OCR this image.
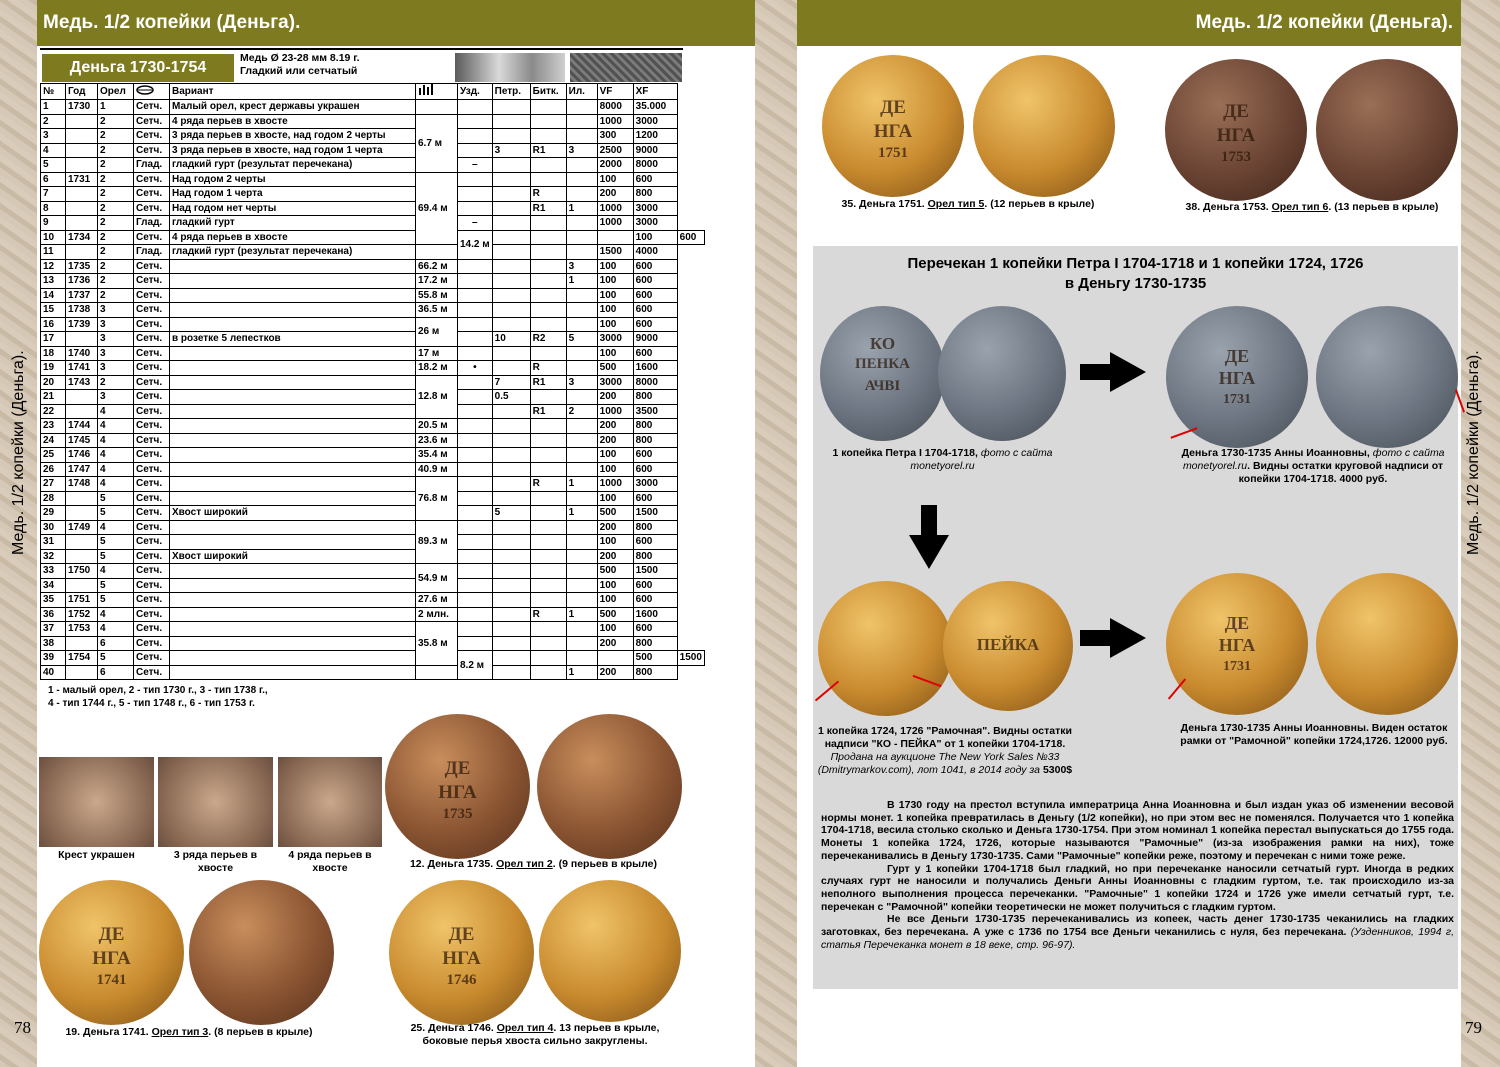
Медь. 1/2 копейки (Деньга).	Медь. 1/2 копейки (Деньга).
Медь. 1/2 копейки (Деньга).	Медь. 1/2 копейки (Деньга).
78	79
Деньга 1730-1754
Медь Ø 23-28 мм 8.19 г.
Гладкий или сетчатый
№	Год	Орел		Вариант		Узд.	Петр.	Битк.	Ил.	VF	XF	
1	1730	1	Сетч.	Малый орел, крест державы украшен						8000	35.000	
2		2	Сетч.	4 ряда перьев в хвосте	6.7 м					1000	3000	
3		2	Сетч.	3 ряда перьев в хвосте, над годом 2 черты						300	1200	
4		2	Сетч.	3 ряда перьев в хвосте, над годом 1 черта			3	R1	3	2500	9000	
5		2	Глад.	гладкий гурт (результат перечекана)		–				2000	8000	
6	1731	2	Сетч.	Над годом 2 черты	69.4 м					100	600	
7		2	Сетч.	Над годом 1 черта				R		200	800	
8		2	Сетч.	Над годом нет черты				R1	1	1000	3000	
9		2	Глад.	гладкий гурт		–				1000	3000	
10	1734	2	Сетч.	4 ряда перьев в хвосте		14.2 м					100	600
11		2	Глад.	гладкий гурт (результат перечекана)						1500	4000	
12	1735	2	Сетч.		66.2 м				3	100	600	
13	1736	2	Сетч.		17.2 м				1	100	600	
14	1737	2	Сетч.		55.8 м					100	600	
15	1738	3	Сетч.		36.5 м					100	600	
16	1739	3	Сетч.		26 м					100	600	
17		3	Сетч.	в розетке 5 лепестков			10	R2	5	3000	9000	
18	1740	3	Сетч.		17 м					100	600	
19	1741	3	Сетч.		18.2 м	•		R		500	1600	
20	1743	2	Сетч.		12.8 м		7	R1	3	3000	8000	
21		3	Сетч.				0.5			200	800	
22		4	Сетч.					R1	2	1000	3500	
23	1744	4	Сетч.		20.5 м					200	800	
24	1745	4	Сетч.		23.6 м					200	800	
25	1746	4	Сетч.		35.4 м					100	600	
26	1747	4	Сетч.		40.9 м					100	600	
27	1748	4	Сетч.		76.8 м			R	1	1000	3000	
28		5	Сетч.							100	600	
29		5	Сетч.	Хвост широкий			5		1	500	1500	
30	1749	4	Сетч.		89.3 м					200	800	
31		5	Сетч.							100	600	
32		5	Сетч.	Хвост широкий						200	800	
33	1750	4	Сетч.		54.9 м					500	1500	
34		5	Сетч.							100	600	
35	1751	5	Сетч.		27.6 м					100	600	
36	1752	4	Сетч.		2 млн.			R	1	500	1600	
37	1753	4	Сетч.		35.8 м					100	600	
38		6	Сетч.							200	800	
39	1754	5	Сетч.			8.2 м					500	1500
40		6	Сетч.						1	200	800	
1 - малый орел, 2 - тип 1730 г., 3 - тип 1738 г.,
4 - тип 1744 г., 5 - тип 1748 г., 6 - тип 1753 г.
Крест украшен	3 ряда перьев в хвосте
4 ряда перьев в хвосте
ДЕ
НГА
1735
12. Деньга 1735. Орел тип 2. (9 перьев в крыле)
ДЕ
НГА
1741
19. Деньга 1741. Орел тип 3. (8 перьев в крыле)
ДЕ
НГА
1746
25. Деньга 1746. Орел тип 4. 13 перьев в крыле,
боковые перья хвоста сильно закруглены.
ДЕ
НГА
1751
35. Деньга 1751. Орел тип 5. (12 перьев в крыле)
ДЕ
НГА
1753
38. Деньга 1753. Орел тип 6. (13 перьев в крыле)
Перечекан 1 копейки Петра I 1704-1718 и 1 копейки 1724, 1726
в Деньгу 1730-1735
КО
ПЕНКА
АЧВI
1 копейка Петра I 1704-1718, фото с сайта monetyorel.ru
ДЕ
НГА
1731
Деньга 1730-1735 Анны Иоанновны, фото с сайта monetyorel.ru. Видны остатки круговой надписи от копейки 1704-1718. 4000 руб.
ПЕЙКА
1 копейка 1724, 1726 "Рамочная". Видны остатки надписи "КО - ПЕЙКА" от 1 копейки 1704-1718. Продана на аукционе The New York Sales №33 (Dmitrymarkov.com), лот 1041, в 2014 году за 5300$
ДЕ
НГА
1731
Деньга 1730-1735 Анны Иоанновны. Виден остаток рамки от "Рамочной" копейки 1724,1726. 12000 руб.

В 1730 году на престол вступила императрица Анна Иоанновна и был издан указ об изменении весовой нормы монет. 1 копейка превратилась в Деньгу (1/2 копейки), но при этом вес не поменялся. Получается что 1 копейка 1704-1718, весила столько сколько и Деньга 1730-1754. При этом номинал 1 копейка перестал выпускаться до 1755 года. Монеты 1 копейка 1724, 1726, которые называются "Рамочные" (из-за изображения рамки на них), тоже перечеканивались в Деньгу 1730-1735. Сами "Рамочные" копейки реже, поэтому и перечекан с ними тоже реже.

Гурт у 1 копейки 1704-1718 был гладкий, но при перечеканке наносили сетчатый гурт. Иногда в редких случаях гурт не наносили и получались Деньги Анны Иоанновны с гладким гуртом, т.е. так происходило из-за неполного выполнения процесса перечеканки. "Рамочные" 1 копейки 1724 и 1726 уже имели сетчатый гурт, т.е. перечекан с "Рамочной" копейки теоретически не может получиться с гладким гуртом.

Не все Деньги 1730-1735 перечеканивались из копеек, часть денег 1730-1735 чеканились на гладких заготовках, без перечекана. А уже с 1736 по 1754 все Деньги чеканились с нуля, без перечекана. (Узденников, 1994 г, статья Перечеканка монет в 18 веке, стр. 96-97).
